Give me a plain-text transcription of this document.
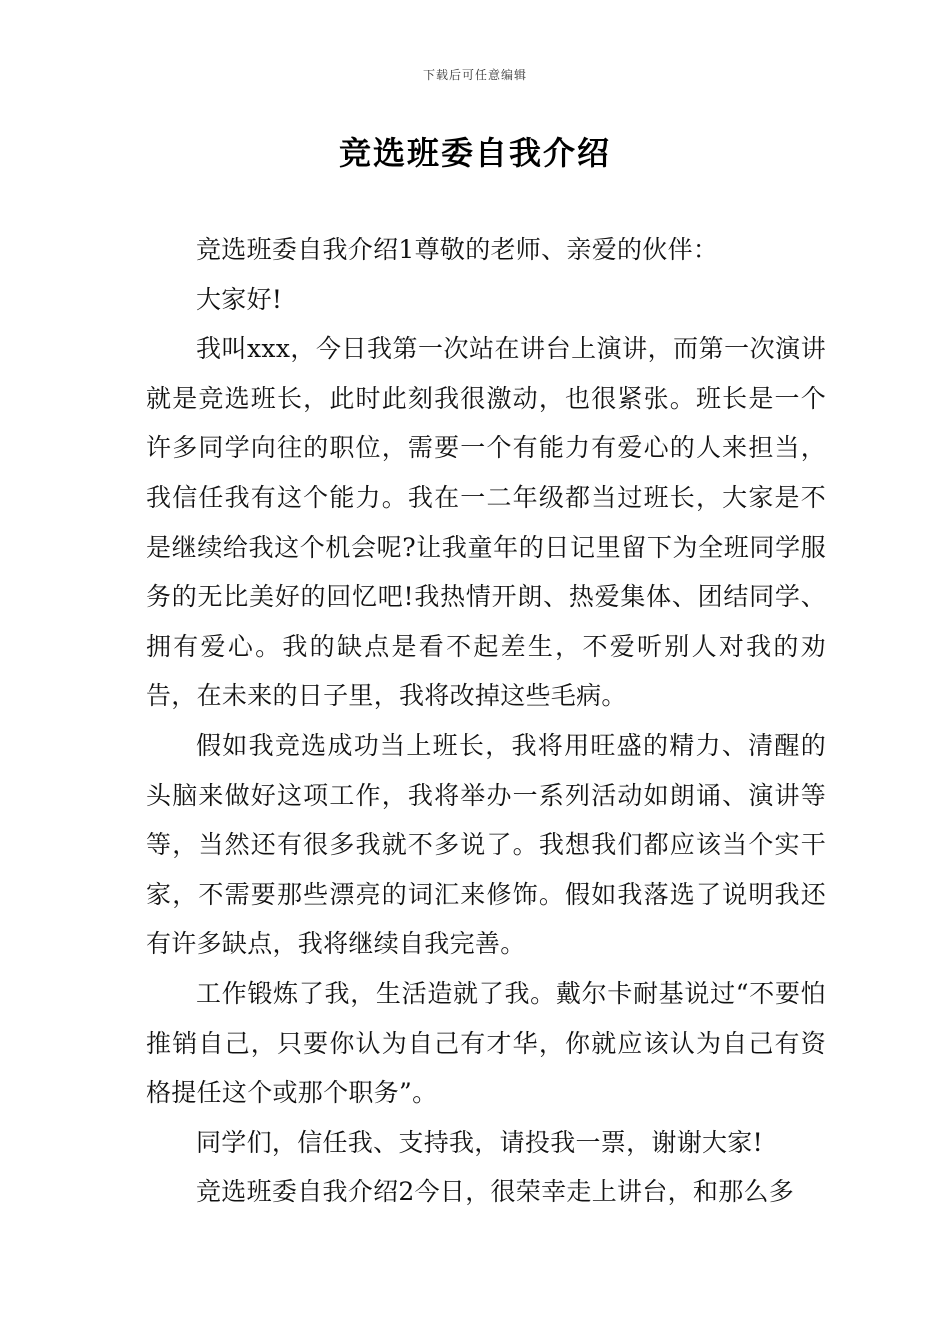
下载后可任意编辑
竞选班委自我介绍

竞选班委自我介绍1尊敬的老师、亲爱的伙伴：

大家好!

我叫xxx，今日我第一次站在讲台上演讲，而第一次演讲就是竞选班长，此时此刻我很激动，也很紧张。班长是一个许多同学向往的职位，需要一个有能力有爱心的人来担当，我信任我有这个能力。我在一二年级都当过班长，大家是不是继续给我这个机会呢?让我童年的日记里留下为全班同学服务的无比美好的回忆吧!我热情开朗、热爱集体、团结同学、拥有爱心。我的缺点是看不起差生，不爱听别人对我的劝告，在未来的日子里，我将改掉这些毛病。

假如我竞选成功当上班长，我将用旺盛的精力、清醒的头脑来做好这项工作，我将举办一系列活动如朗诵、演讲等等，当然还有很多我就不多说了。我想我们都应该当个实干家，不需要那些漂亮的词汇来修饰。假如我落选了说明我还有许多缺点，我将继续自我完善。

工作锻炼了我，生活造就了我。戴尔卡耐基说过“不要怕推销自己，只要你认为自己有才华，你就应该认为自己有资格提任这个或那个职务”。

同学们，信任我、支持我，请投我一票，谢谢大家!

竞选班委自我介绍2今日，很荣幸走上讲台，和那么多
